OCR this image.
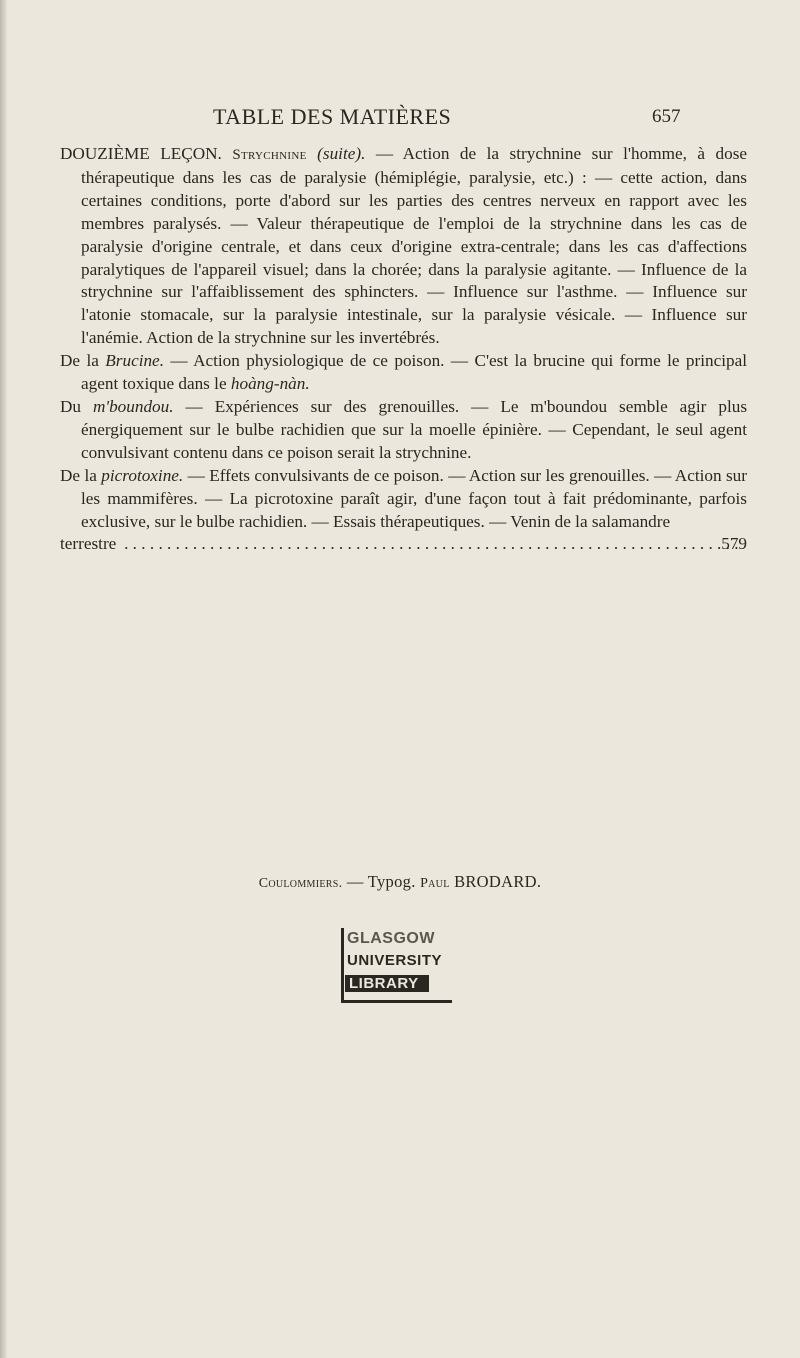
TABLE DES MATIÈRES	657

DOUZIÈME LEÇON. Strychnine (suite). — Action de la strychnine sur l'homme, à dose thérapeutique dans les cas de paralysie (hémiplégie, paralysie, etc.) : — cette action, dans certaines conditions, porte d'abord sur les parties des centres nerveux en rapport avec les membres paralysés. — Valeur thérapeutique de l'emploi de la strychnine dans les cas de paralysie d'origine centrale, et dans ceux d'origine extra-centrale; dans les cas d'affections paralytiques de l'appareil visuel; dans la chorée; dans la paralysie agitante. — Influence de la strychnine sur l'affaiblissement des sphincters. — Influence sur l'asthme. — Influence sur l'atonie stomacale, sur la paralysie intestinale, sur la paralysie vésicale. — Influence sur l'anémie. Action de la strychnine sur les invertébrés.

De la Brucine. — Action physiologique de ce poison. — C'est la brucine qui forme le principal agent toxique dans le hoàng-nàn.

Du m'boundou. — Expériences sur des grenouilles. — Le m'boundou semble agir plus énergiquement sur le bulbe rachidien que sur la moelle épinière. — Cependant, le seul agent convulsivant contenu dans ce poison serait la strychnine.

De la picrotoxine. — Effets convulsivants de ce poison. — Action sur les grenouilles. — Action sur les mammifères. — La picrotoxine paraît agir, d'une façon tout à fait prédominante, parfois exclusive, sur le bulbe rachidien. — Essais thérapeutiques. — Venin de la salamandre
terrestre
. . .	579
Coulommiers. — Typog. Paul BRODARD.
GLASGOW
UNIVERSITY
LIBRARY
